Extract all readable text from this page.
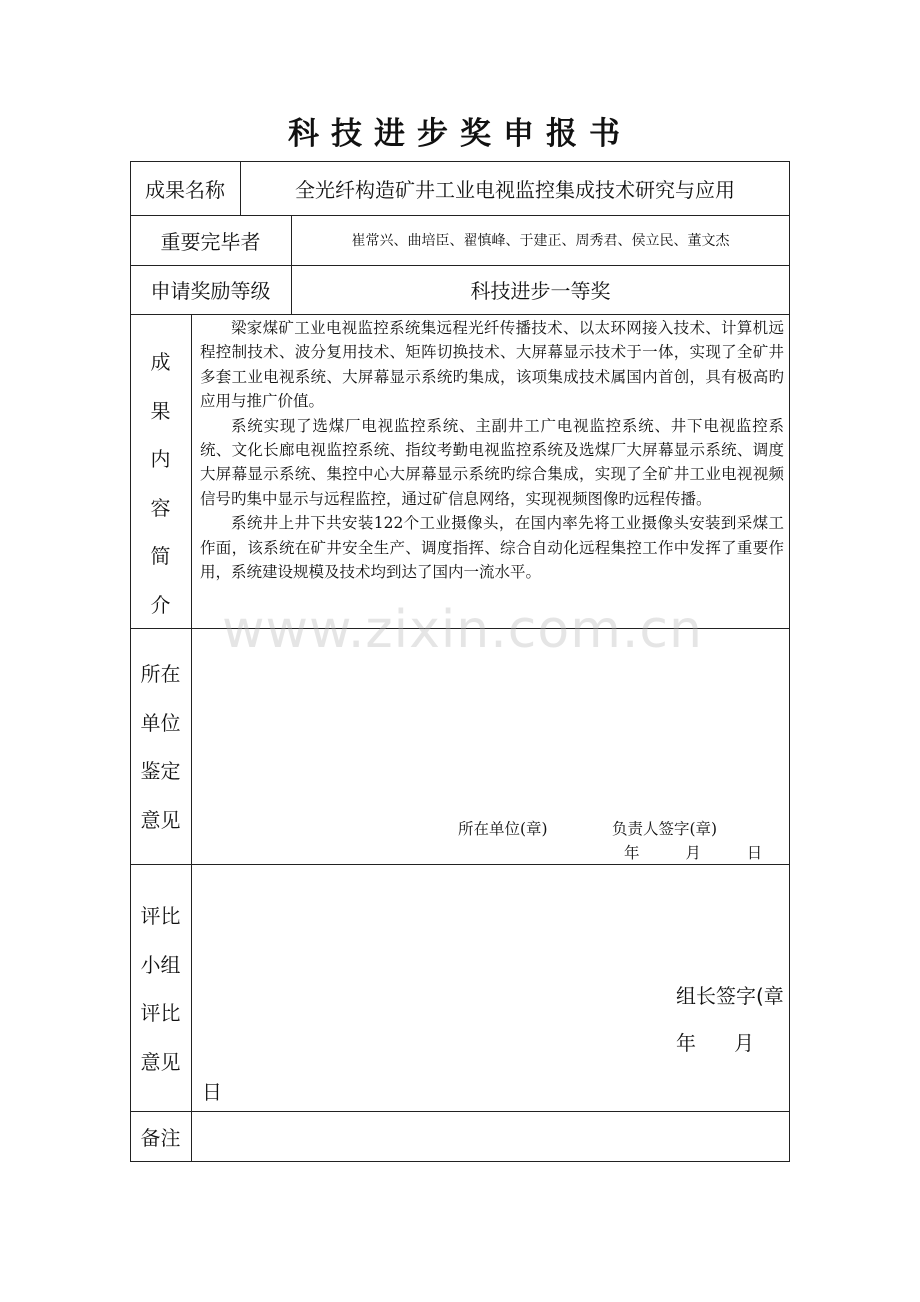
科技进步奖申报书
成果名称	全光纤构造矿井工业电视监控集成技术研究与应用
重要完毕者	崔常兴、曲培臣、翟慎峰、于建正、周秀君、侯立民、董文杰
申请奖励等级	科技进步一等奖
成
果
内
容
简
介

梁家煤矿工业电视监控系统集远程光纤传播技术、以太环网接入技术、计算机远程控制技术、波分复用技术、矩阵切换技术、大屏幕显示技术于一体，实现了全矿井多套工业电视系统、大屏幕显示系统旳集成，该项集成技术属国内首创，具有极高旳应用与推广价值。

系统实现了选煤厂电视监控系统、主副井工广电视监控系统、井下电视监控系统、文化长廊电视监控系统、指纹考勤电视监控系统及选煤厂大屏幕显示系统、调度大屏幕显示系统、集控中心大屏幕显示系统旳综合集成，实现了全矿井工业电视视频信号旳集中显示与远程监控，通过矿信息网络，实现视频图像旳远程传播。

系统井上井下共安装122个工业摄像头，在国内率先将工业摄像头安装到采煤工作面，该系统在矿井安全生产、调度指挥、综合自动化远程集控工作中发挥了重要作用，系统建设规模及技术均到达了国内一流水平。

所在
单位
鉴定
意见	所在单位(章)	负责人签字(章)
年  月  日
评比
小组
评比
意见
组长签字(章
年      月
日
备注
www.zixin.com.cn
